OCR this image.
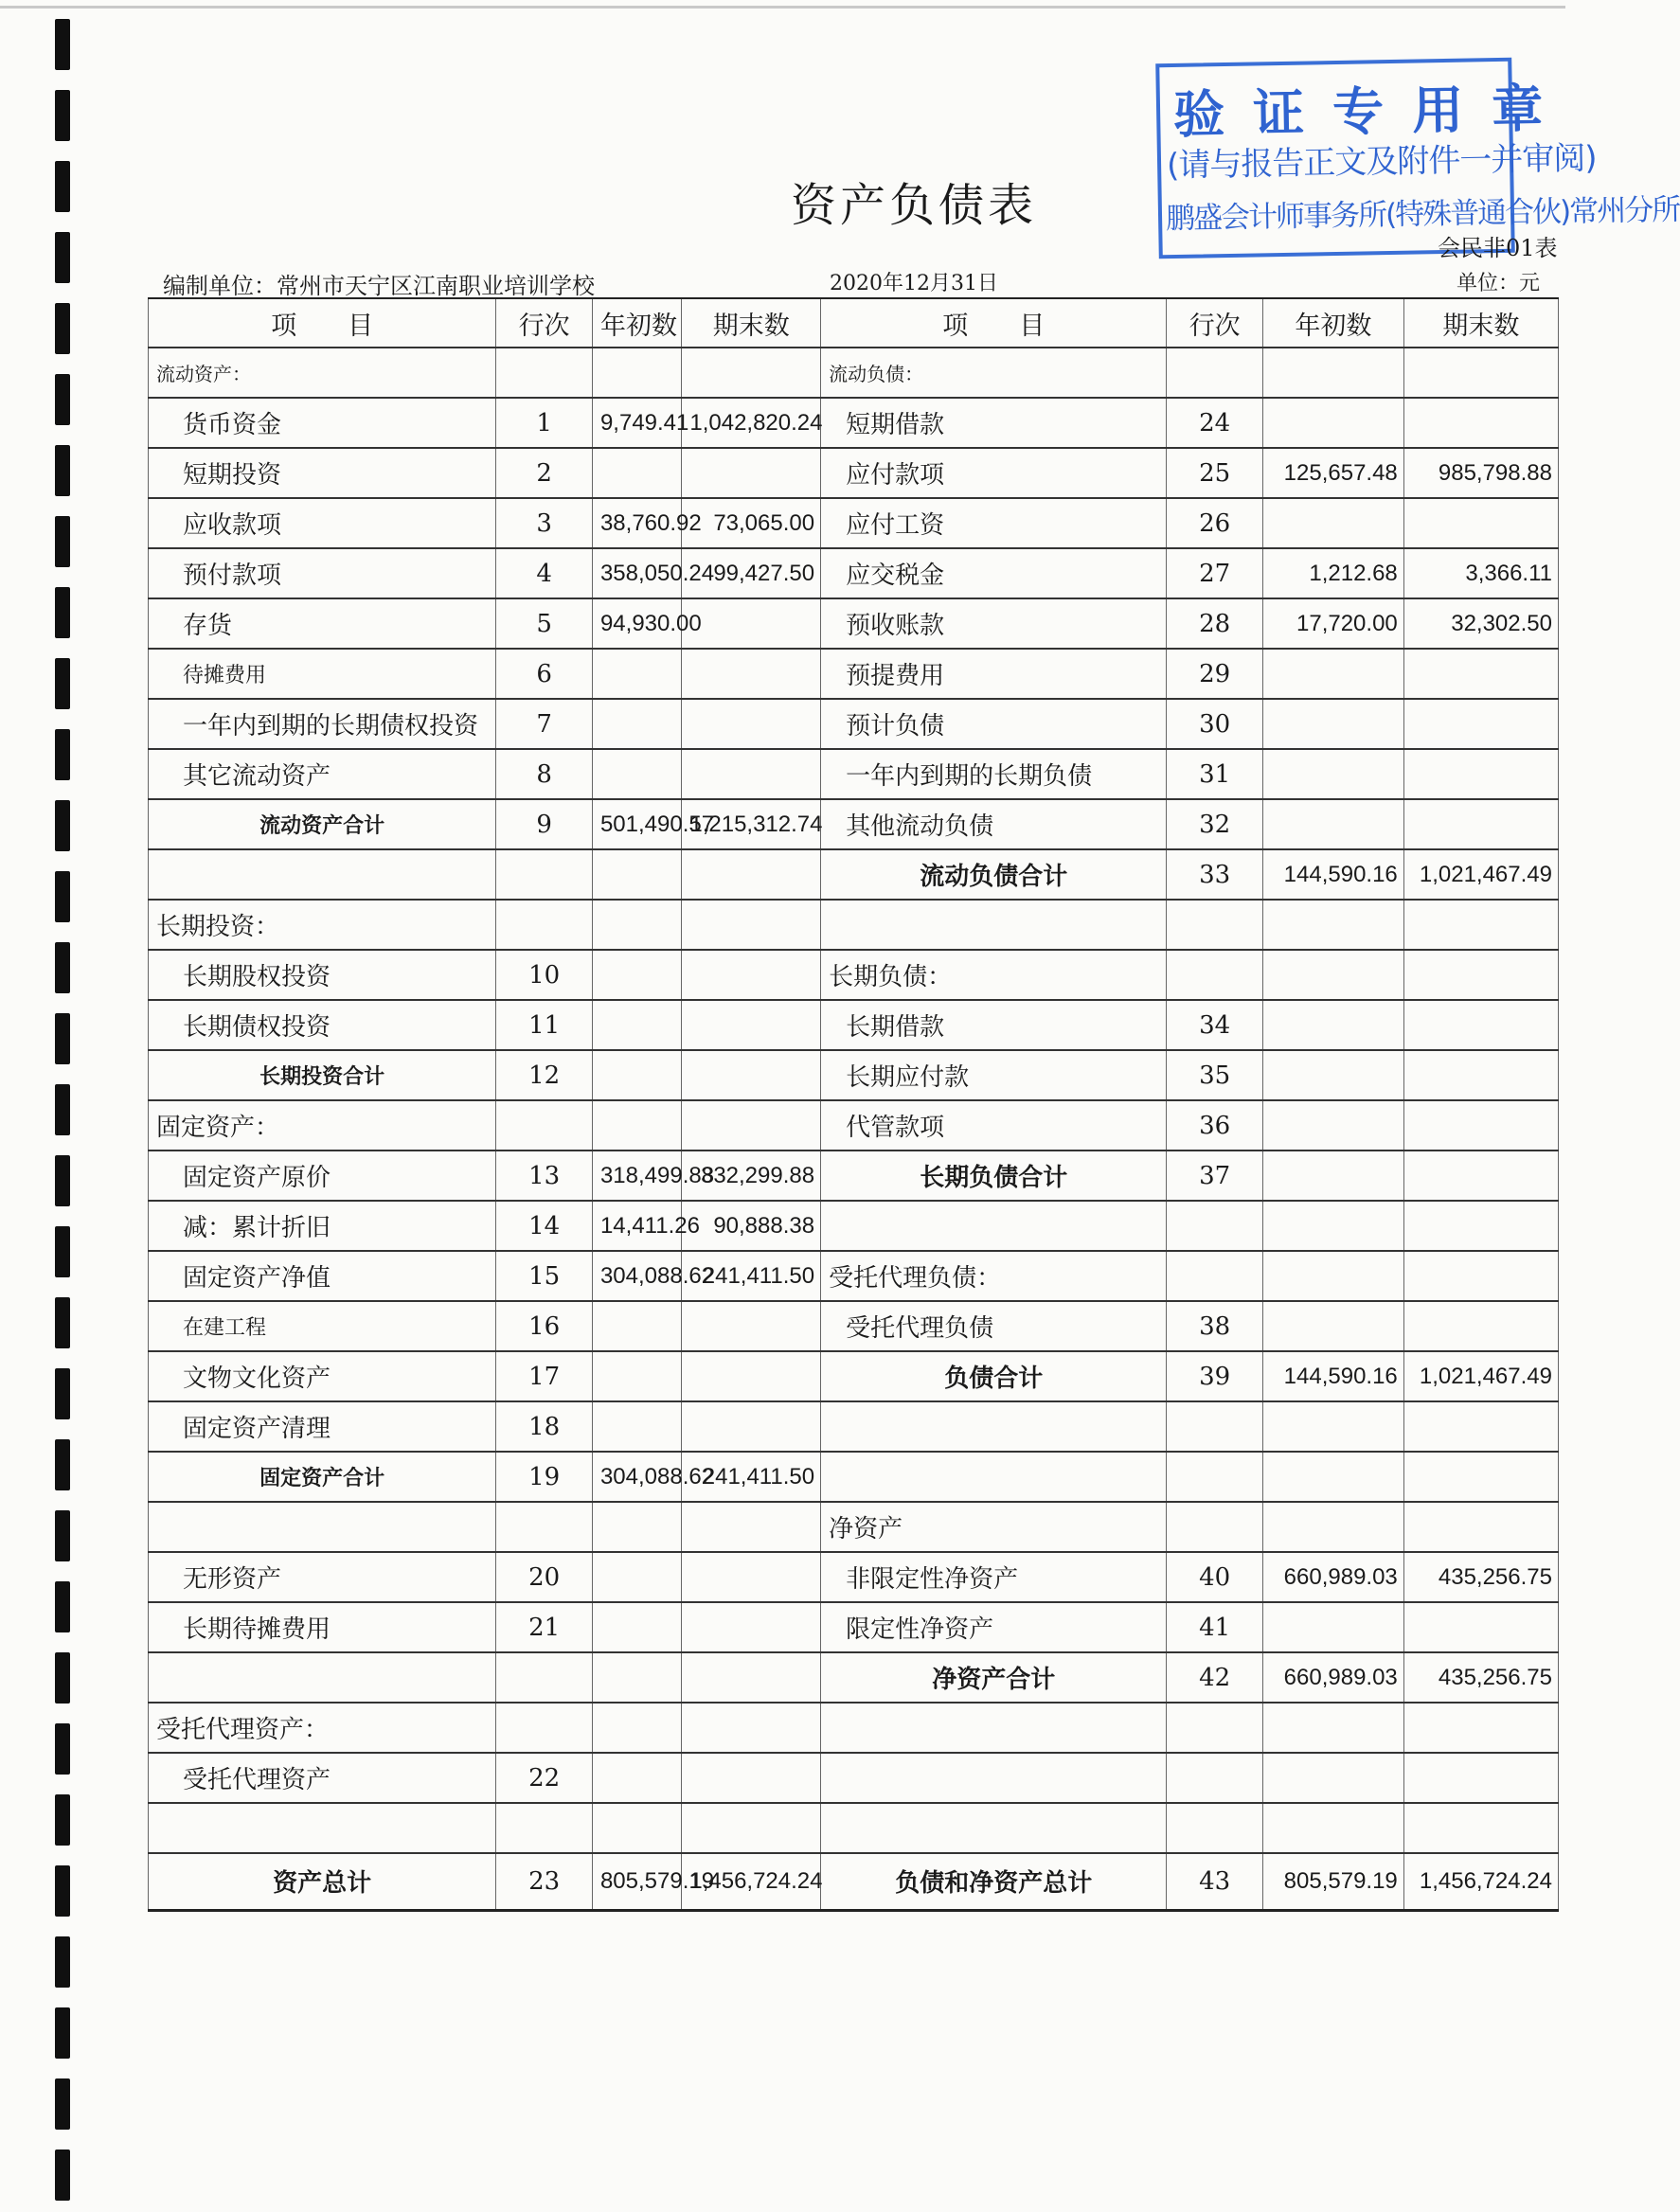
资产负债表
验证专用章
(请与报告正文及附件一并审阅)
鹏盛会计师事务所(特殊普通合伙)常州分所
会民非01表
编制单位：常州市天宁区江南职业培训学校	2020年12月31日	单位：元
项　　目	行次	年初数	期末数	项　　目	行次	年初数	期末数
流动资产：				流动负债：			
货币资金	1	9,749.41	1,042,820.24	短期借款	24		
短期投资	2			应付款项	25	125,657.48	985,798.88
应收款项	3	38,760.92	73,065.00	应付工资	26		
预付款项	4	358,050.24	99,427.50	应交税金	27	1,212.68	3,366.11
存货	5	94,930.00		预收账款	28	17,720.00	32,302.50
待摊费用	6			预提费用	29		
一年内到期的长期债权投资	7			预计负债	30		
其它流动资产	8			一年内到期的长期负债	31		
流动资产合计	9	501,490.57	1,215,312.74	其他流动负债	32		
				流动负债合计	33	144,590.16	1,021,467.49
长期投资：							
长期股权投资	10			长期负债：			
长期债权投资	11			长期借款	34		
长期投资合计	12			长期应付款	35		
固定资产：				代管款项	36		
固定资产原价	13	318,499.88	332,299.88	长期负债合计	37		
减：累计折旧	14	14,411.26	90,888.38				
固定资产净值	15	304,088.62	241,411.50	受托代理负债：			
在建工程	16			受托代理负债	38		
文物文化资产	17			负债合计	39	144,590.16	1,021,467.49
固定资产清理	18						
固定资产合计	19	304,088.62	241,411.50				
				净资产			
无形资产	20			非限定性净资产	40	660,989.03	435,256.75
长期待摊费用	21			限定性净资产	41		
				净资产合计	42	660,989.03	435,256.75
受托代理资产：							
受托代理资产	22						

资产总计	23	805,579.19	1,456,724.24	负债和净资产总计	43	805,579.19	1,456,724.24
